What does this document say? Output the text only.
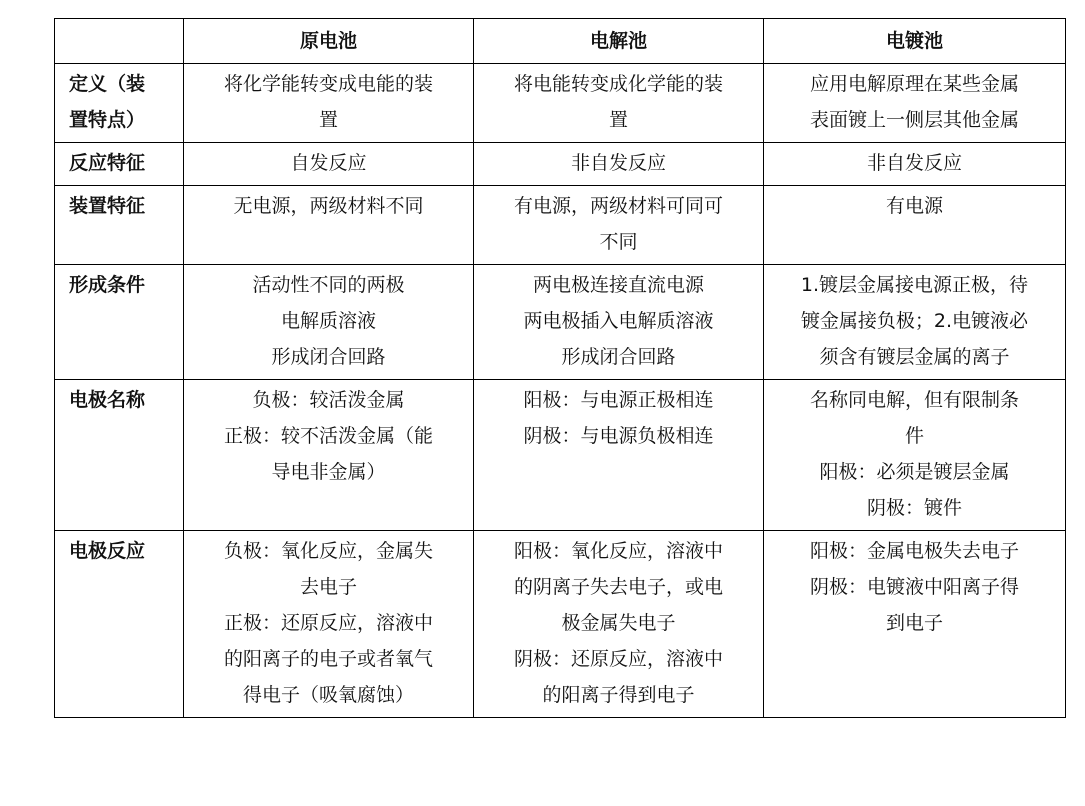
	原电池	电解池	电镀池

定义（装
置特点）	将化学能转变成电能的装
置	将电能转变成化学能的装
置	应用电解原理在某些金属
表面镀上一侧层其他金属

反应特征	自发反应	非自发反应	非自发反应

装置特征	无电源，两级材料不同	有电源，两级材料可同可
不同	有电源

形成条件	活动性不同的两极
电解质溶液
形成闭合回路	两电极连接直流电源
两电极插入电解质溶液
形成闭合回路	1.镀层金属接电源正极，待
镀金属接负极；2.电镀液必
须含有镀层金属的离子

电极名称	负极：较活泼金属
正极：较不活泼金属（能
导电非金属）	阳极：与电源正极相连
阴极：与电源负极相连	名称同电解，但有限制条
件
阳极：必须是镀层金属
阴极：镀件

电极反应	负极：氧化反应，金属失
去电子
正极：还原反应，溶液中
的阳离子的电子或者氧气
得电子（吸氧腐蚀）	阳极：氧化反应，溶液中
的阴离子失去电子，或电
极金属失电子
阴极：还原反应，溶液中
的阳离子得到电子	阳极：金属电极失去电子
阴极：电镀液中阳离子得
到电子
